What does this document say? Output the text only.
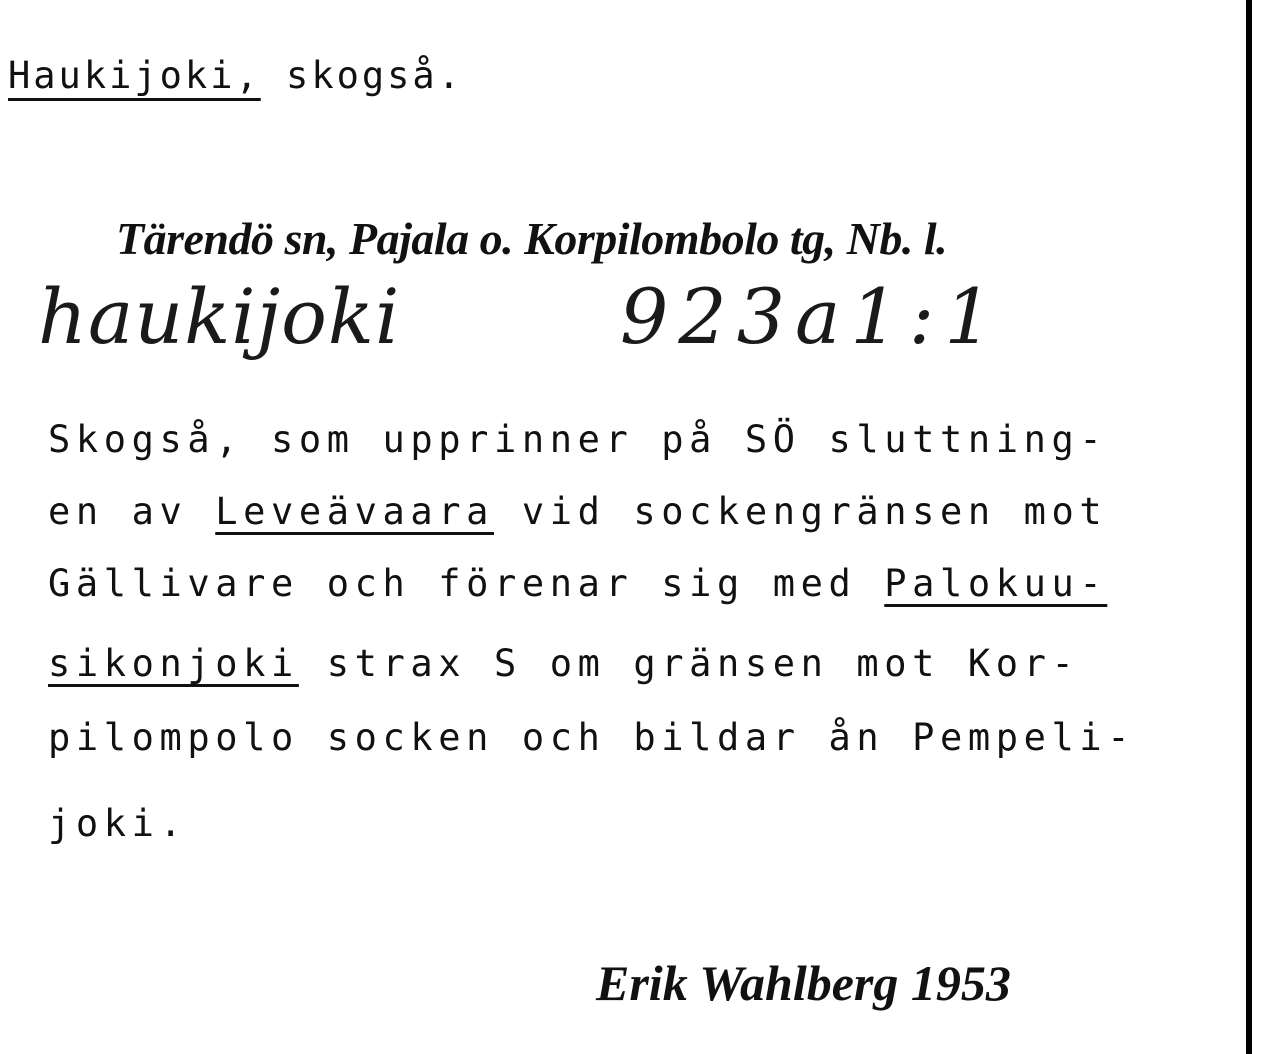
Haukijoki, skogså.
Tärendö sn, Pajala o. Korpilombolo tg, Nb. l.
haukijoki	923a1:1
Skogså, som upprinner på SÖ sluttning-
en av Leveävaara vid sockengränsen mot
Gällivare och förenar sig med Palokuu-
sikonjoki strax S om gränsen mot Kor-
pilompolo socken och bildar ån Pempeli-
joki.
Erik Wahlberg 1953
